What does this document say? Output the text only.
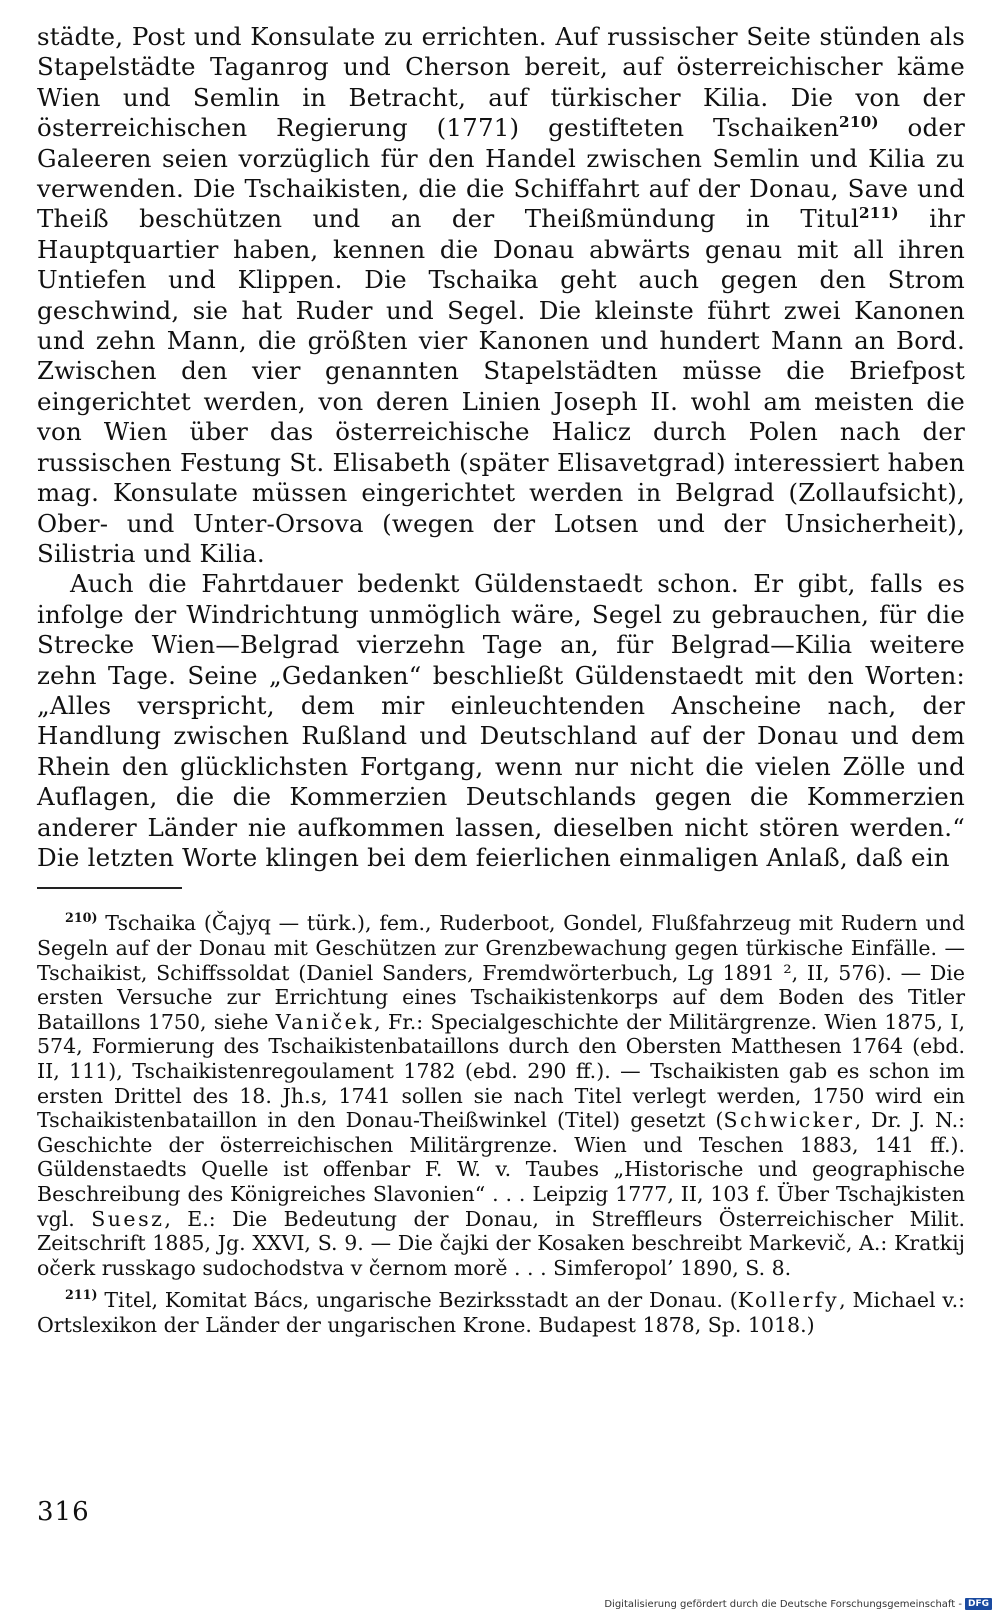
städte, Post und Konsulate zu errichten. Auf russischer Seite stünden als Stapelstädte Taganrog und Cherson bereit, auf österreichischer käme Wien und Semlin in Betracht, auf türkischer Kilia. Die von der österreichischen Regierung (1771) gestifteten Tschaiken$^{210)}$ oder Galeeren seien vorzüglich für den Handel zwischen Semlin und Kilia zu verwenden. Die Tschaikisten, die die Schiffahrt auf der Donau, Save und Theiß beschützen und an der Theißmündung in Titul$^{211)}$ ihr Hauptquartier haben, kennen die Donau abwärts genau mit all ihren Untiefen und Klippen. Die Tschaika geht auch gegen den Strom geschwind, sie hat Ruder und Segel. Die kleinste führt zwei Kanonen und zehn Mann, die größten vier Kanonen und hundert Mann an Bord. Zwischen den vier genannten Stapelstädten müsse die Briefpost eingerichtet werden, von deren Linien Joseph II. wohl am meisten die von Wien über das österreichische Halicz durch Polen nach der russischen Festung St. Elisabeth (später Elisavetgrad) interessiert haben mag. Konsulate müssen eingerichtet werden in Belgrad (Zollaufsicht), Ober- und Unter-Orsova (wegen der Lotsen und der Unsicherheit), Silistria und Kilia.

Auch die Fahrtdauer bedenkt Güldenstaedt schon. Er gibt, falls es infolge der Windrichtung unmöglich wäre, Segel zu gebrauchen, für die Strecke Wien—Belgrad vierzehn Tage an, für Belgrad—Kilia weitere zehn Tage. Seine „Gedanken“ beschließt Güldenstaedt mit den Worten: „Alles verspricht, dem mir einleuchtenden Anscheine nach, der Handlung zwischen Rußland und Deutschland auf der Donau und dem Rhein den glücklichsten Fortgang, wenn nur nicht die vielen Zölle und Auflagen, die die Kommerzien Deutschlands gegen die Kommerzien anderer Länder nie aufkommen lassen, dieselben nicht stören werden.“ Die letzten Worte klingen bei dem feierlichen einmaligen Anlaß, daß ein

$^{210)}$ Tschaika (Čajyq — türk.), fem., Ruderboot, Gondel, Flußfahrzeug mit Rudern und Segeln auf der Donau mit Geschützen zur Grenzbewachung gegen türkische Einfälle. — Tschaikist, Schiffssoldat (Daniel Sanders, Fremdwörterbuch, Lg 1891 ², II, 576). — Die ersten Versuche zur Errichtung eines Tschaikistenkorps auf dem Boden des Titler Bataillons 1750, siehe Vaniček, Fr.: Specialgeschichte der Militärgrenze. Wien 1875, I, 574, Formierung des Tschaikistenbataillons durch den Obersten Matthesen 1764 (ebd. II, 111), Tschaikistenregoulament 1782 (ebd. 290 ff.). — Tschaikisten gab es schon im ersten Drittel des 18. Jh.s, 1741 sollen sie nach Titel verlegt werden, 1750 wird ein Tschaikistenbataillon in den Donau-Theißwinkel (Titel) gesetzt (Schwicker, Dr. J. N.: Geschichte der österreichischen Militärgrenze. Wien und Teschen 1883, 141 ff.). Güldenstaedts Quelle ist offenbar F. W. v. Taubes „Historische und geographische Beschreibung des Königreiches Slavonien“ . . . Leipzig 1777, II, 103 f. Über Tschajkisten vgl. Suesz, E.: Die Bedeutung der Donau, in Streffleurs Österreichischer Milit. Zeitschrift 1885, Jg. XXVI, S. 9. — Die čajki der Kosaken beschreibt Markevič, A.: Kratkij očerk russkago sudochodstva v černom morě . . . Simferopol’ 1890, S. 8.

$^{211)}$ Titel, Komitat Bács, ungarische Bezirksstadt an der Donau. (Kollerfy, Michael v.: Ortslexikon der Länder der ungarischen Krone. Budapest 1878, Sp. 1018.)

316
Digitalisierung gefördert durch die Deutsche Forschungsgemeinschaft - DFG
